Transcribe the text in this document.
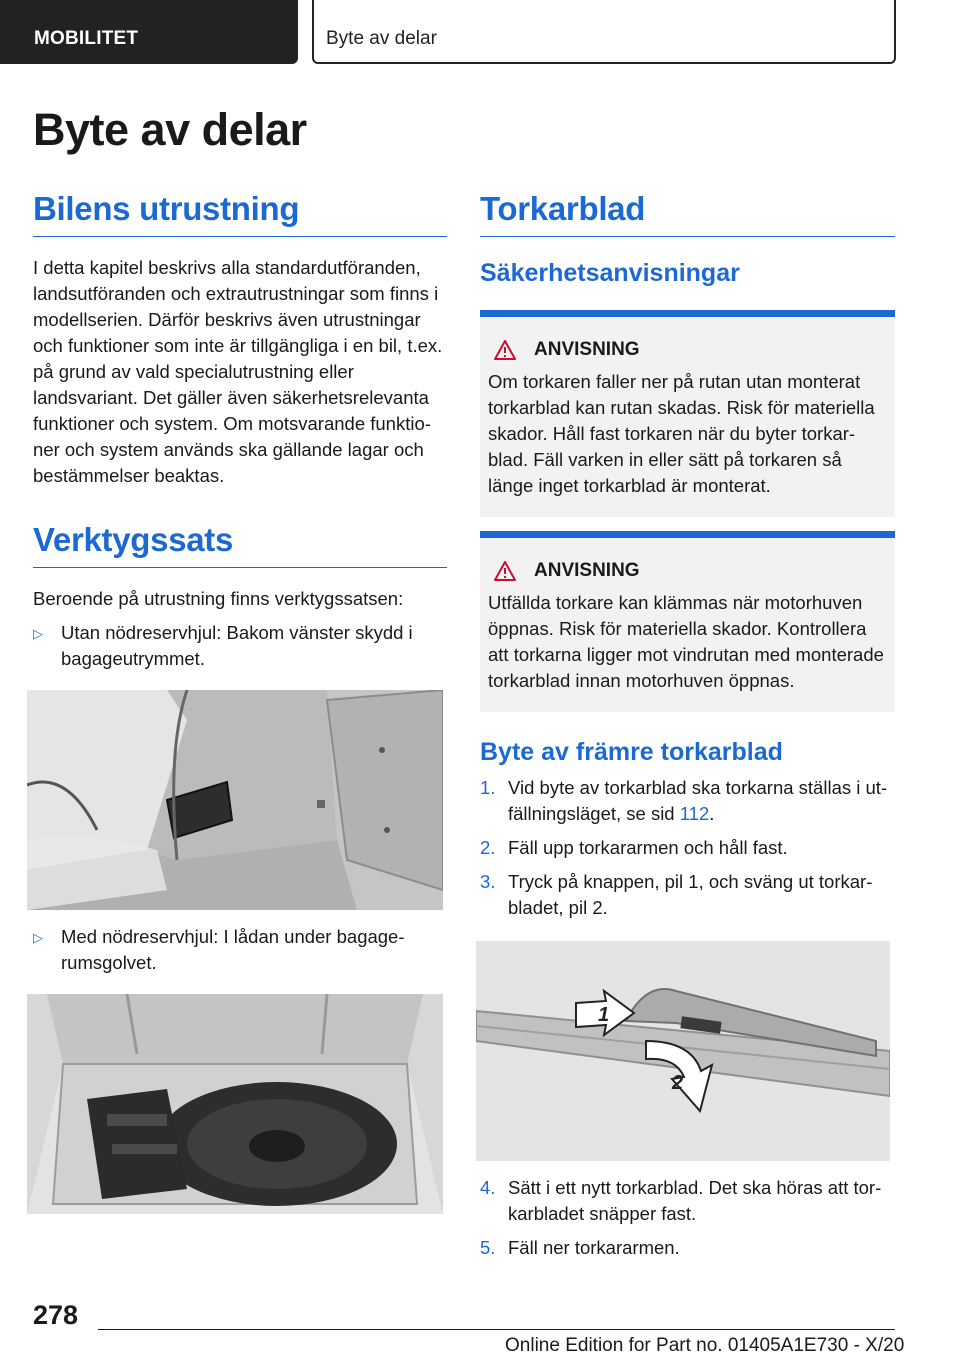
MOBILITET	Byte av delar
Byte av delar
Bilens utrustning

I detta kapitel beskrivs alla standardutföranden, landsutföranden och extrautrustningar som finns i modellserien. Därför beskrivs även utrustningar och funktioner som inte är tillgängliga i en bil, t.ex. på grund av vald specialutrustning eller landsvariant. Det gäller även säkerhetsrelevanta funktioner och system. Om motsvarande funktioner och system används ska gällande lagar och bestämmelser beaktas.

Verktygssats

Beroende på utrustning finns verktygssatsen:

▷ Utan nödreservhjul: Bakom vänster skydd i bagageutrymmet.
▷ Med nödreservhjul: I lådan under bagagerumsgolvet.
Torkarblad
Säkerhetsanvisningar
ANVISNING

Om torkaren faller ner på rutan utan monterat torkarblad kan rutan skadas. Risk för materiella skador. Håll fast torkaren när du byter torkarblad. Fäll varken in eller sätt på torkaren så länge inget torkarblad är monterat.

ANVISNING

Utfällda torkare kan klämmas när motorhuven öppnas. Risk för materiella skador. Kontrollera att torkarna ligger mot vindrutan med monterade torkarblad innan motorhuven öppnas.

Byte av främre torkarblad
1. Vid byte av torkarblad ska torkarna ställas i utfällningsläget, se sid 112.
2. Fäll upp torkararmen och håll fast.
3. Tryck på knappen, pil 1, och sväng ut torkarbladet, pil 2.
1
2
4. Sätt i ett nytt torkarblad. Det ska höras att torkarbladet snäpper fast.
5. Fäll ner torkararmen.
278
Online Edition for Part no. 01405A1E730 - X/20
